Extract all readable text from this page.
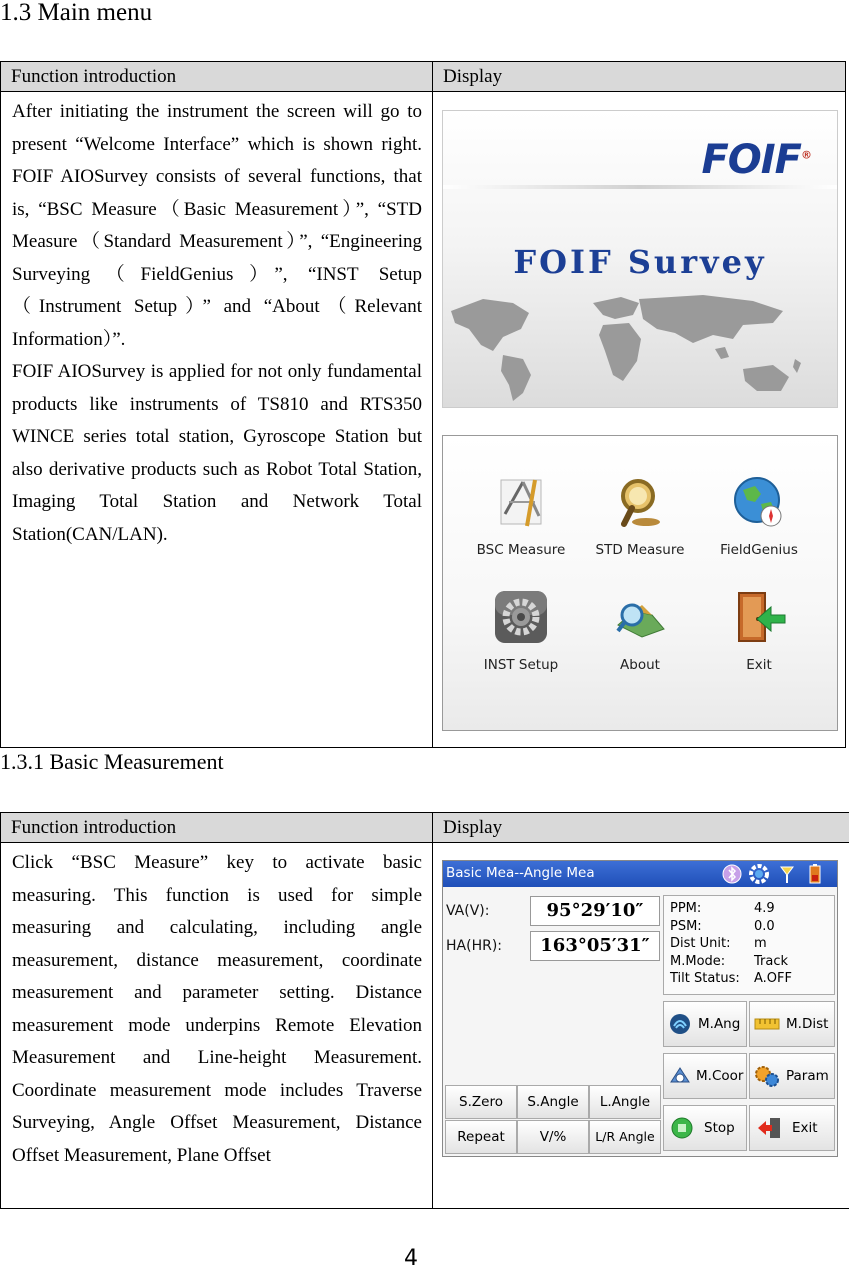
1.3 Main menu
Function introduction	Display

After initiating the instrument the screen will go to present “Welcome Interface” which is shown right. FOIF AIOSurvey consists of several functions, that is, “BSC Measure（Basic Measurement）”, “STD Measure（Standard Measurement）”, “Engineering Surveying（FieldGenius）”, “INST Setup（Instrument Setup）” and “About（Relevant Information）”.

FOIF AIOSurvey is applied for not only fundamental products like instruments of TS810 and RTS350 WINCE series total station, Gyroscope Station but also derivative products such as Robot Total Station, Imaging Total Station and Network Total Station(CAN/LAN).	

FOIF®
FOIF Survey
BSC Measure	STD Measure	FieldGenius
INST Setup	About	Exit
1.3.1 Basic Measurement
Function introduction	Display

Click “BSC Measure” key to activate basic measuring. This function is used for simple measuring and calculating, including angle measurement, distance measurement, coordinate measurement and parameter setting. Distance measurement mode underpins Remote Elevation Measurement and Line-height Measurement. Coordinate measurement mode includes Traverse Surveying, Angle Offset Measurement, Distance Offset Measurement, Plane Offset	

Basic Mea--Angle Mea
VA(V):	95°29′10″
HA(HR):	163°05′31″
PPM:	4.9
PSM:	0.0
Dist Unit:	m
M.Mode:	Track
Tilt Status:	A.OFF
M.Ang	M.Dist
M.Coor	Param
Stop	Exit
S.Zero	S.Angle	L.Angle
Repeat	V/%	L/R Angle
4
